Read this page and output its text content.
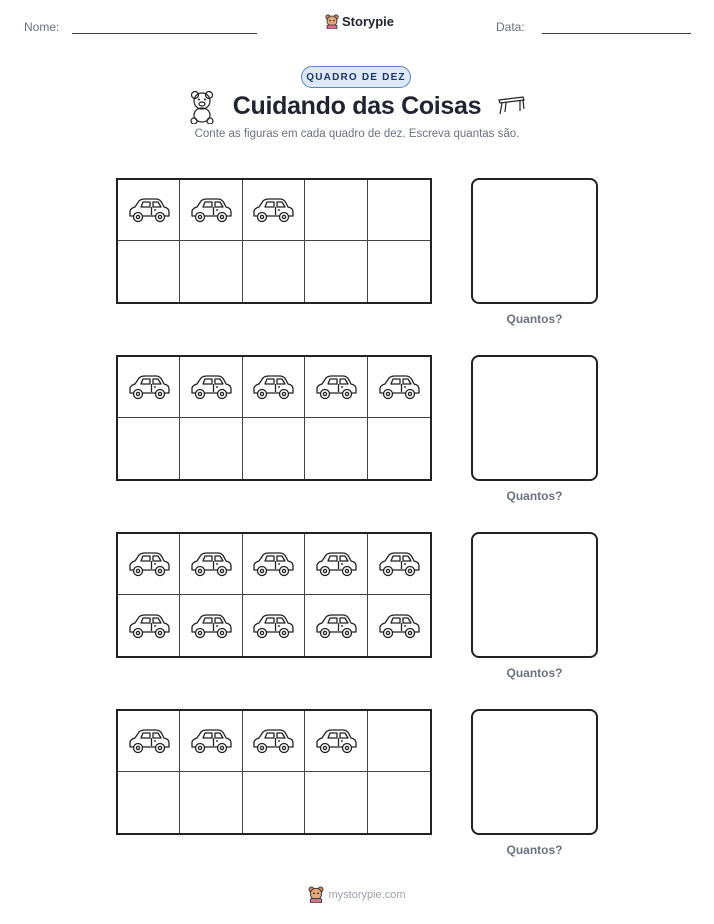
Nome:	Storypie	Data:
QUADRO DE DEZ
Cuidando das Coisas
Conte as figuras em cada quadro de dez. Escreva quantas são.
Quantos?
Quantos?
Quantos?
Quantos?
mystorypie.com
